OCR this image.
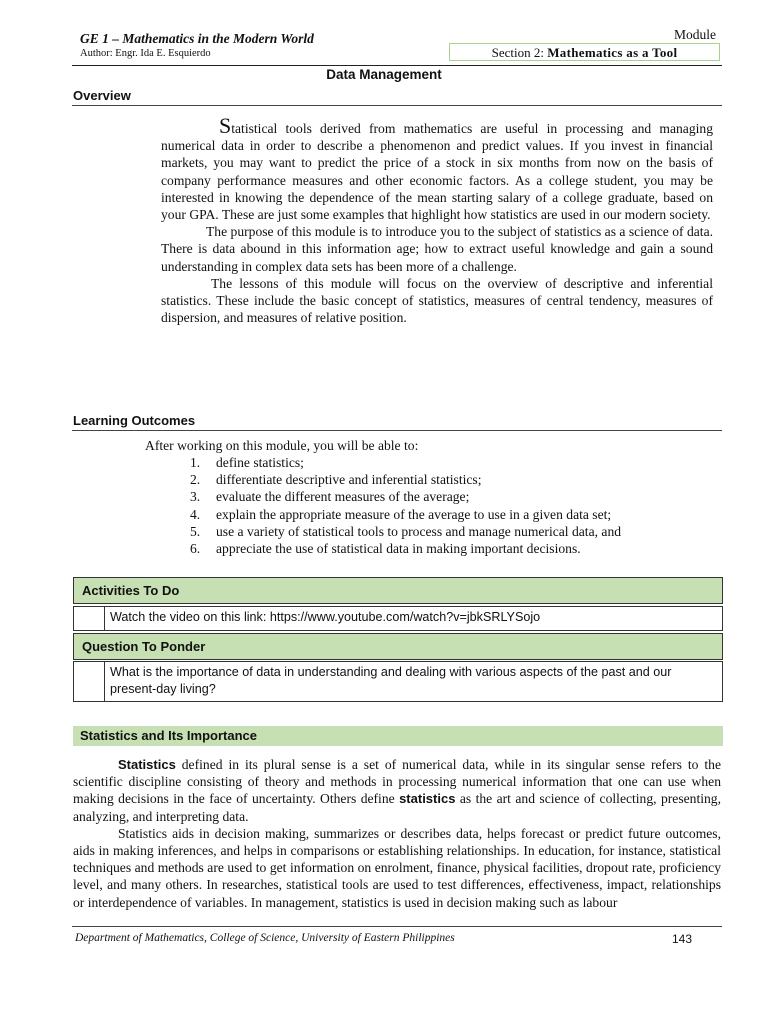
GE 1 – Mathematics in the Modern World
Author: Engr. Ida E. Esquierdo
Module
Section 2: Mathematics as a Tool
Data Management
Overview

Statistical tools derived from mathematics are useful in processing and managing numerical data in order to describe a phenomenon and predict values. If you invest in financial markets, you may want to predict the price of a stock in six months from now on the basis of company performance measures and other economic factors. As a college student, you may be interested in knowing the dependence of the mean starting salary of a college graduate, based on your GPA. These are just some examples that highlight how statistics are used in our modern society.

The purpose of this module is to introduce you to the subject of statistics as a science of data. There is data abound in this information age; how to extract useful knowledge and gain a sound understanding in complex data sets has been more of a challenge.

The lessons of this module will focus on the overview of descriptive and inferential statistics. These include the basic concept of statistics, measures of central tendency, measures of dispersion, and measures of relative position.

Learning Outcomes
After working on this module, you will be able to:
1. define statistics;
2. differentiate descriptive and inferential statistics;
3. evaluate the different measures of the average;
4. explain the appropriate measure of the average to use in a given data set;
5. use a variety of statistical tools to process and manage numerical data, and
6. appreciate the use of statistical data in making important decisions.
Activities To Do
Watch the video on this link: https://www.youtube.com/watch?v=jbkSRLYSojo
Question To Ponder
What is the importance of data in understanding and dealing with various aspects of the past and our present-day living?
Statistics and Its Importance

Statistics defined in its plural sense is a set of numerical data, while in its singular sense refers to the scientific discipline consisting of theory and methods in processing numerical information that one can use when making decisions in the face of uncertainty. Others define statistics as the art and science of collecting, presenting, analyzing, and interpreting data.

Statistics aids in decision making, summarizes or describes data, helps forecast or predict future outcomes, aids in making inferences, and helps in comparisons or establishing relationships. In education, for instance, statistical techniques and methods are used to get information on enrolment, finance, physical facilities, dropout rate, proficiency level, and many others. In researches, statistical tools are used to test differences, effectiveness, impact, relationships or interdependence of variables. In management, statistics is used in decision making such as labour

Department of Mathematics, College of Science, University of Eastern Philippines	143
